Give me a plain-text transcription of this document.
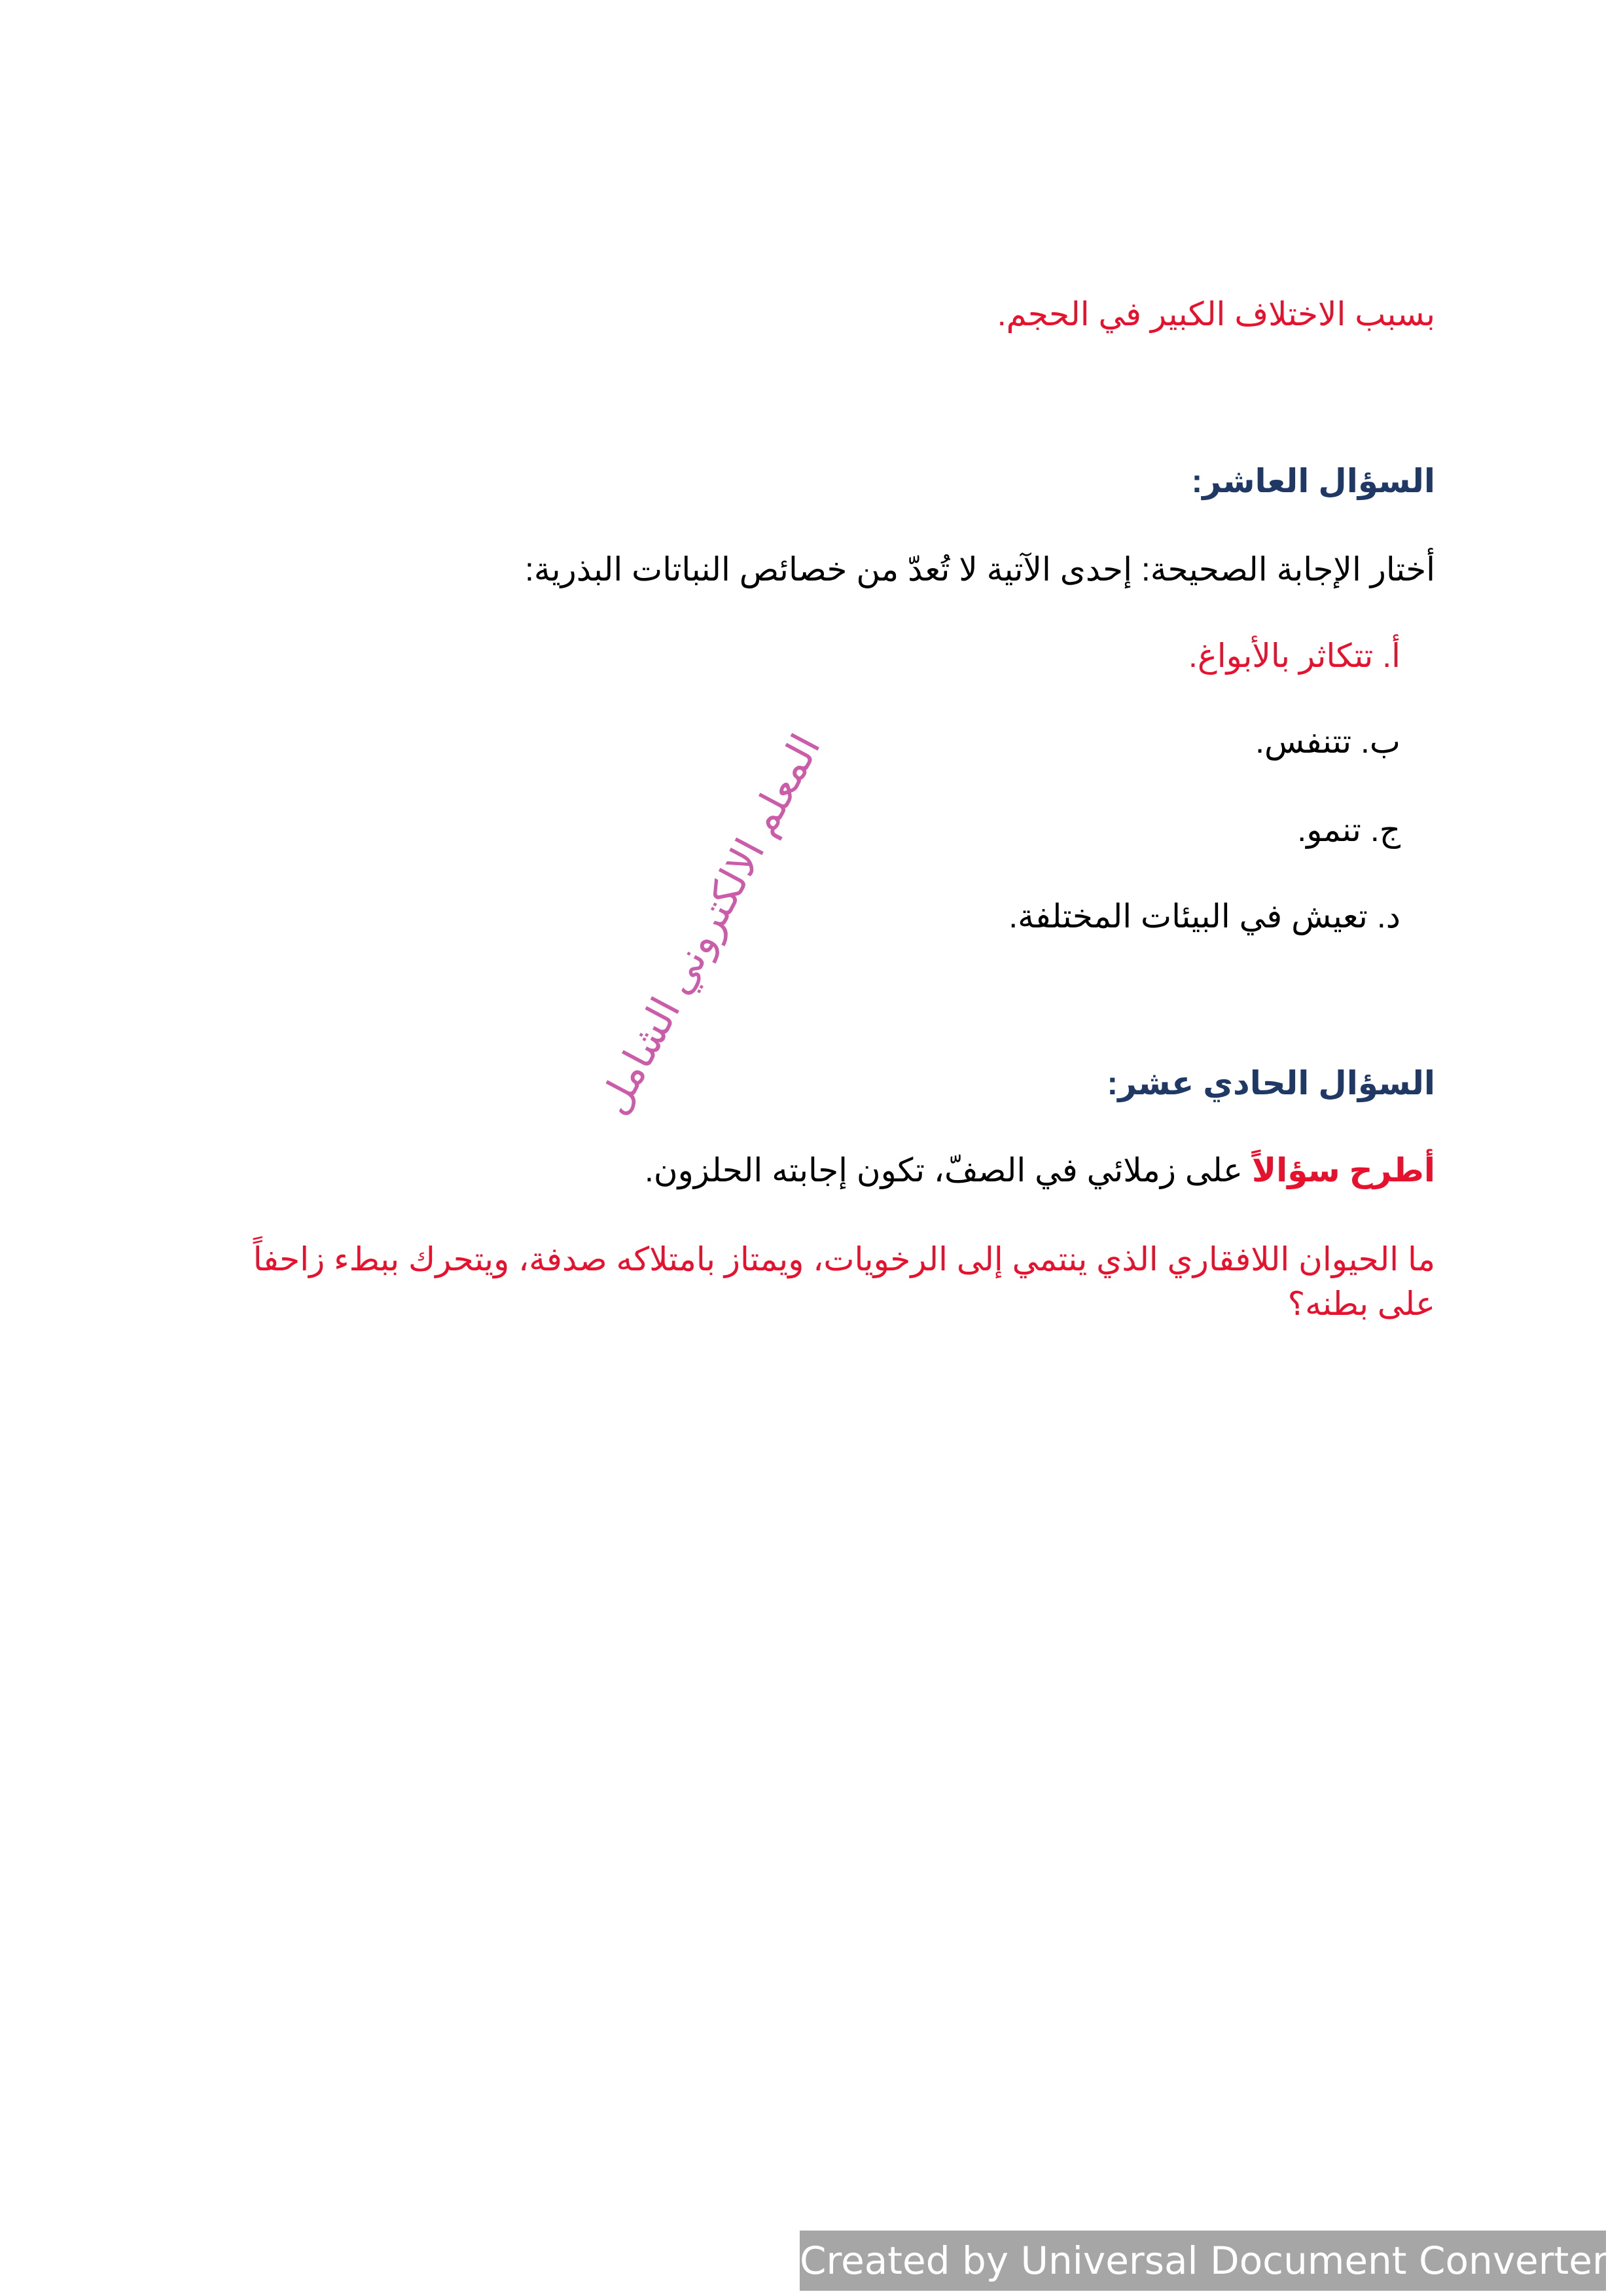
بسبب الاختلاف الكبير في الحجم.
السؤال العاشر:
أختار الإجابة الصحيحة: إحدى الآتية لا تُعدّ من خصائص النباتات البذرية:
أ. تتكاثر بالأبواغ.
ب. تتنفس.
ج. تنمو.
د. تعيش في البيئات المختلفة.
السؤال الحادي عشر:
أطرح سؤالاً على زملائي في الصفّ، تكون إجابته الحلزون.
ما الحيوان اللافقاري الذي ينتمي إلى الرخويات، ويمتاز بامتلاكه صدفة، ويتحرك ببطء زاحفاً على بطنه؟
المعلم الالكتروني الشامل
Created by Universal Document Converter
